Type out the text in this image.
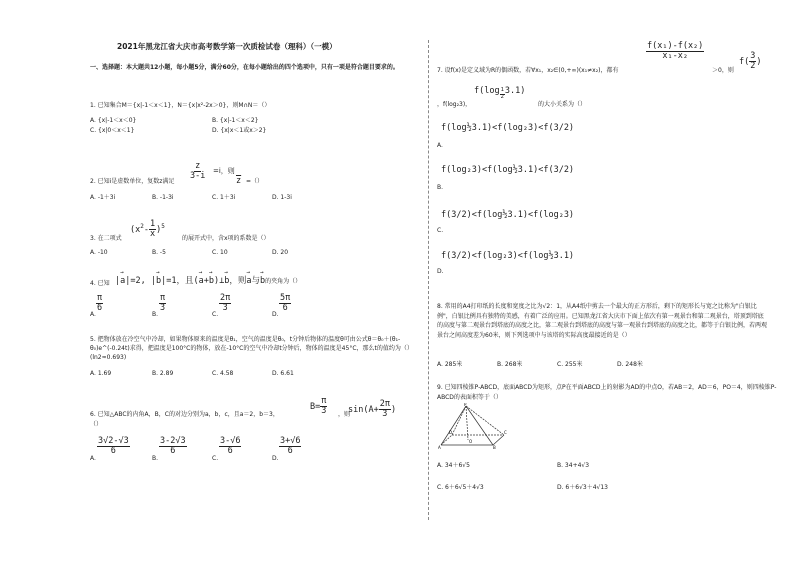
2021年黑龙江省大庆市高考数学第一次质检试卷（理科）（一模）
一、选择题：本大题共12小题，每小题5分，满分60分，在每小题给出的四个选项中，只有一项是符合题目要求的。
1. 已知集合M＝{x|-1＜x＜1}，N＝{x|x²-2x＞0}，则M∩N＝（）
A. {x|-1＜x＜0}	B. {x|-1＜x＜2}
C. {x|0＜x＜1}	D. {x|x＜1或x＞2}
2. 已知i是虚数单位，复数z满足
$\frac{z}{3-i} =i$，则
$\overline{z}$ =（）
A. -1＋3i	B. -1-3i	C. 1＋3i	D. 1-3i
3. 在二项式
$(x^2- \frac{1}{x} )^5$
的展开式中，含x项的系数是（）
A. -10	B. -5	C. 10	D. 20
4. 已知 |
→
a|=2, |
→
b|=1，且(
→
a+
→
b)⊥
→
b，则
→
a与
→
b的夹角为（）
A.
$\frac{\pi}{6}$
B.
$\frac{\pi}{3}$
C.
$\frac{2\pi}{3}$
D.
$\frac{5\pi}{6}$
5. 把物体放在冷空气中冷却，如果物体原来的温度是θ₁，空气的温度是θ₀，t分钟后物体的温度θ可由公式θ＝θ₀＋(θ₁-θ₀)e^(-0.24t)求得，把温度是100°C的物体，放在-10°C的空气中冷却t分钟后，物体的温度是45°C，那么t的值约为（）(ln2≈0.693)
A. 1.69	B. 2.89	C. 4.58	D. 6.61
6. 已知△ABC的内角A，B，C的对边分别为a，b，c，且a＝2，b＝3，
$B= \frac{\pi}{3}$ ，则
$\sin(A+ \frac{2\pi}{3}$ )
（）
A.
$\frac{3√2-√3}{6}$
B.
$\frac{3-2√3}{6}$
C.
$\frac{3-√6}{6}$
D.
$\frac{3+√6}{6}$
$\frac{\text{f(x₁)-f(x₂)}}{\text{x₁-x₂}}$
7. 设f(x)是定义域为R的偶函数，若∀x₁，x₂∈(0,+∞)(x₁≠x₂)，都有	＞0，则
$f( \frac{3}{2}$ )
$f(\log \frac{1}{2} 3.1)$
，f(log₂3)，	的大小关系为（）
f(log½3.1)<f(log₂3)<f(3/2)
A.
f(log₂3)<f(log½3.1)<f(3/2)
B.
f(3/2)<f(log½3.1)<f(log₂3)
C.
f(3/2)<f(log₂3)<f(log½3.1)
D.
8. 常用的A4打印纸的长度和宽度之比为√2：1，从A4纸中剪去一个最大的正方形后，剩下的矩形长与宽之比称为"白银比例"，白银比例具有独特的美感，有着广泛的应用。已知黑龙江省大庆市下面上依次有第一观景台和第二观景台，塔顶到塔底的高度与第二观景台到塔底的高度之比，第二观景台到塔底的高度与第一观景台到塔底的高度之比，都等于白银比例，若两观景台之间高度差为60米，则下列选项中与该塔的实际高度最接近的是（）
A. 285米	B. 268米	C. 255米	D. 248米
9. 已知四棱锥P-ABCD，底面ABCD为矩形，点P在平面ABCD上的射影为AD的中点O，若AB＝2，AD＝6，PO＝4，则四棱锥P-ABCD的表面积等于（）
P
A	B
C
D
O
A. 34＋6√5	B. 34+4√3
C. 6＋6√5＋4√3	D. 6＋6√3＋4√13
